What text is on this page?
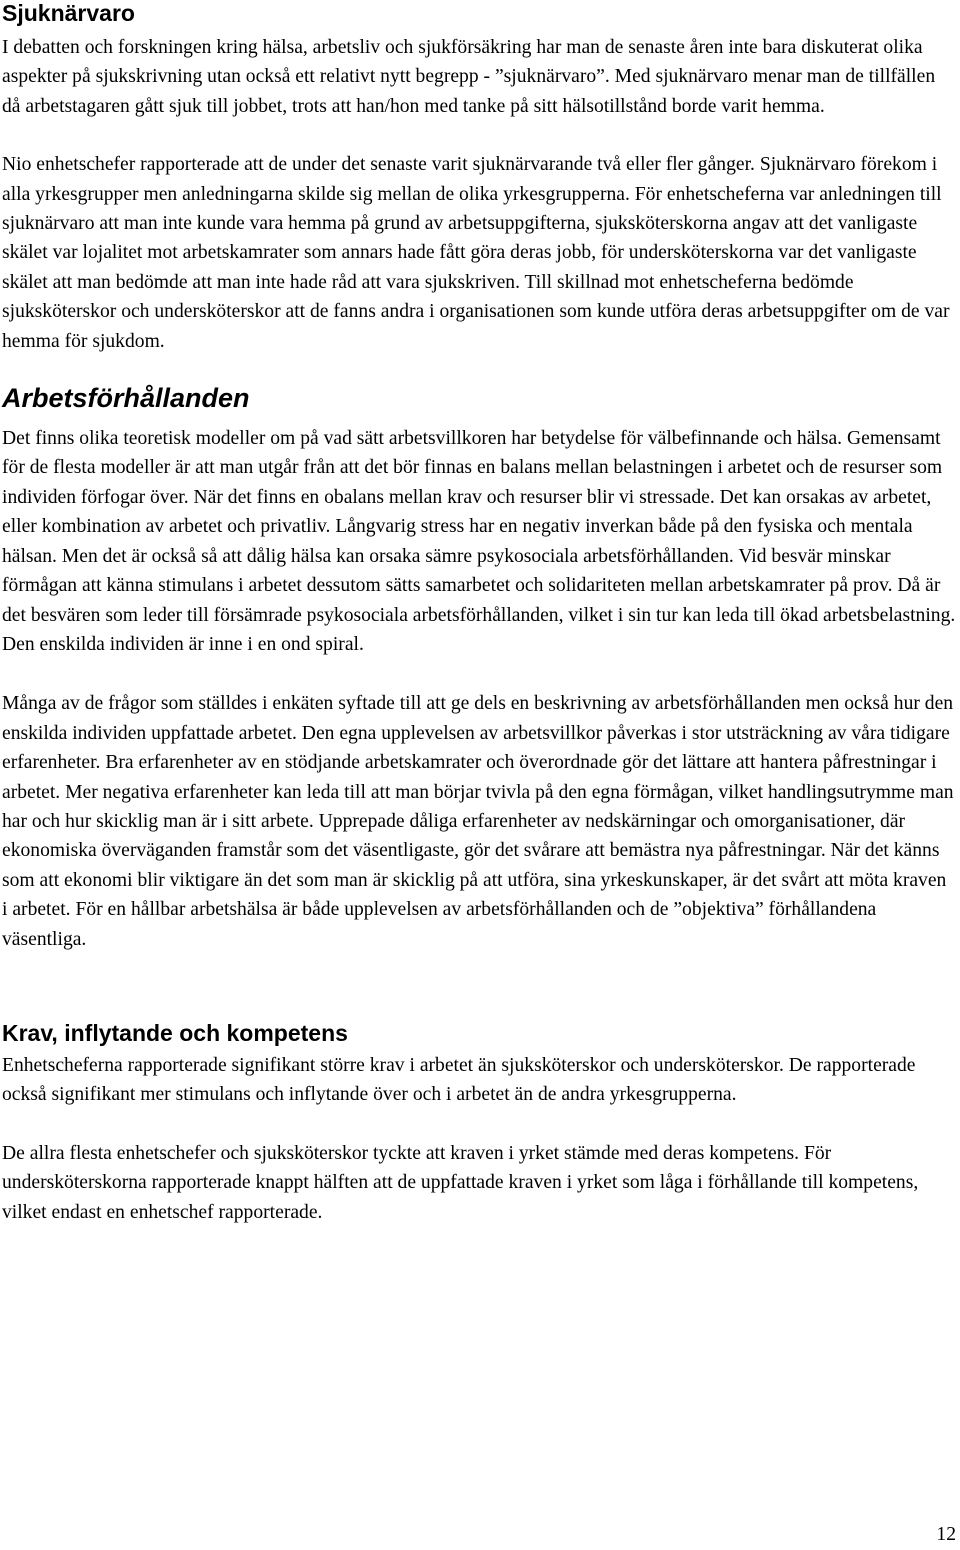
Sjuknärvaro

I debatten och forskningen kring hälsa, arbetsliv och sjukförsäkring har man de senaste åren inte bara diskuterat olika aspekter på sjukskrivning utan också ett relativt nytt begrepp - ”sjuknärvaro”. Med sjuknärvaro menar man de tillfällen då arbetstagaren gått sjuk till jobbet, trots att han/hon med tanke på sitt hälsotillstånd borde varit hemma.

Nio enhetschefer rapporterade att de under det senaste varit sjuknärvarande två eller fler gånger. Sjuknärvaro förekom i alla yrkesgrupper men anledningarna skilde sig mellan de olika yrkesgrupperna. För enhetscheferna var anledningen till sjuknärvaro att man inte kunde vara hemma på grund av arbetsuppgifterna, sjuksköterskorna angav att det vanligaste skälet var lojalitet mot arbetskamrater som annars hade fått göra deras jobb, för undersköterskorna var det vanligaste skälet att man bedömde att man inte hade råd att vara sjukskriven. Till skillnad mot enhetscheferna bedömde sjuksköterskor och undersköterskor att de fanns andra i organisationen som kunde utföra deras arbetsuppgifter om de var hemma för sjukdom.

Arbetsförhållanden

Det finns olika teoretisk modeller om på vad sätt arbetsvillkoren har betydelse för välbefinnande och hälsa. Gemensamt för de flesta modeller är att man utgår från att det bör finnas en balans mellan belastningen i arbetet och de resurser som individen förfogar över. När det finns en obalans mellan krav och resurser blir vi stressade. Det kan orsakas av arbetet, eller kombination av arbetet och privatliv. Långvarig stress har en negativ inverkan både på den fysiska och mentala hälsan. Men det är också så att dålig hälsa kan orsaka sämre psykosociala arbetsförhållanden. Vid besvär minskar förmågan att känna stimulans i arbetet dessutom sätts samarbetet och solidariteten mellan arbetskamrater på prov. Då är det besvären som leder till försämrade psykosociala arbetsförhållanden, vilket i sin tur kan leda till ökad arbetsbelastning. Den enskilda individen är inne i en ond spiral.

Många av de frågor som ställdes i enkäten syftade till att ge dels en beskrivning av arbetsförhållanden men också hur den enskilda individen uppfattade arbetet. Den egna upplevelsen av arbetsvillkor påverkas i stor utsträckning av våra tidigare erfarenheter. Bra erfarenheter av en stödjande arbetskamrater och överordnade gör det lättare att hantera påfrestningar i arbetet. Mer negativa erfarenheter kan leda till att man börjar tvivla på den egna förmågan, vilket handlingsutrymme man har och hur skicklig man är i sitt arbete. Upprepade dåliga erfarenheter av nedskärningar och omorganisationer, där ekonomiska överväganden framstår som det väsentligaste, gör det svårare att bemästra nya påfrestningar. När det känns som att ekonomi blir viktigare än det som man är skicklig på att utföra, sina yrkeskunskaper, är det svårt att möta kraven i arbetet. För en hållbar arbetshälsa är både upplevelsen av arbetsförhållanden och de ”objektiva” förhållandena väsentliga.

Krav, inflytande och kompetens

Enhetscheferna rapporterade signifikant större krav i arbetet än sjuksköterskor och undersköterskor. De rapporterade också signifikant mer stimulans och inflytande över och i arbetet än de andra yrkesgrupperna.

De allra flesta enhetschefer och sjuksköterskor tyckte att kraven i yrket stämde med deras kompetens. För undersköterskorna rapporterade knappt hälften att de uppfattade kraven i yrket som låga i förhållande till kompetens, vilket endast en enhetschef rapporterade.

12
